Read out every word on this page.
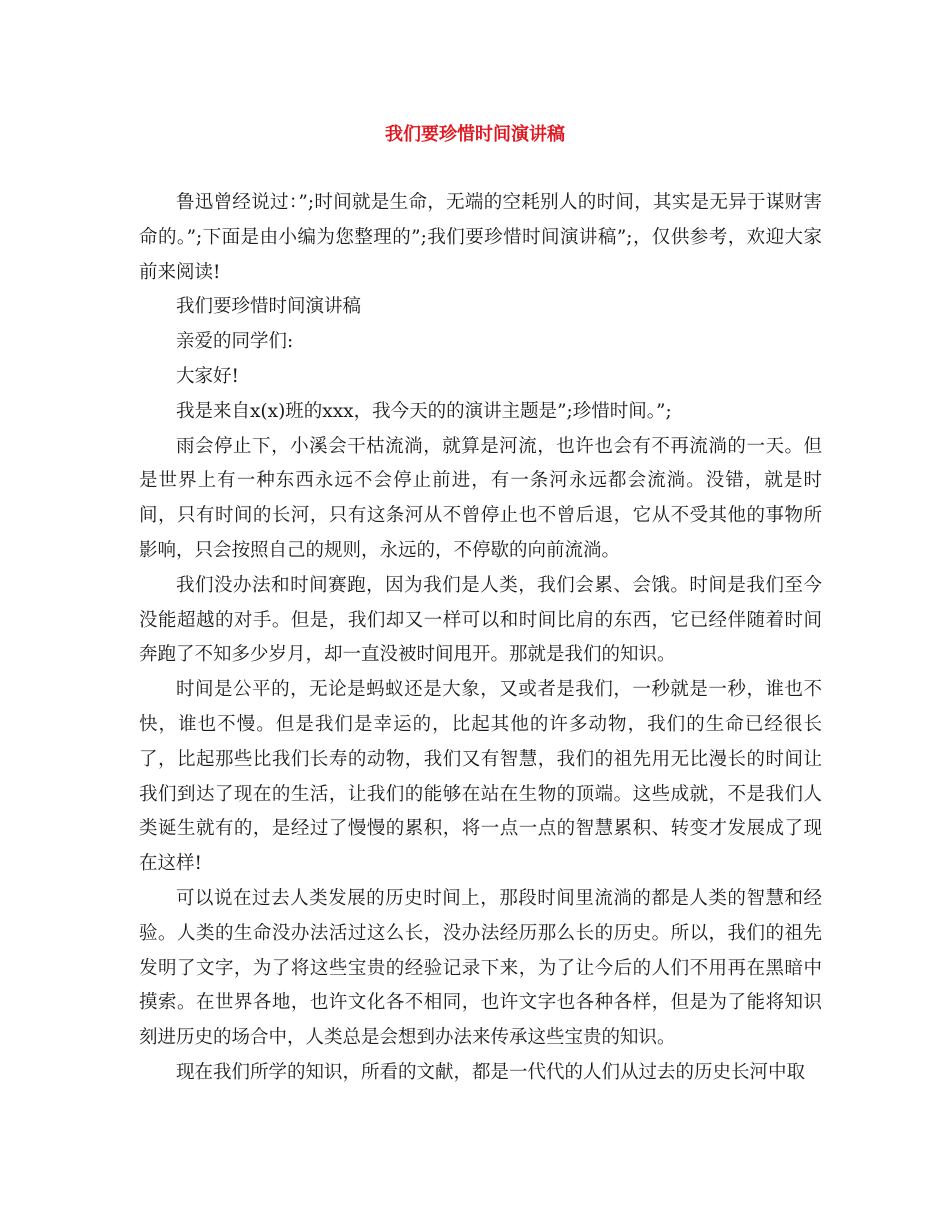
我们要珍惜时间演讲稿

鲁迅曾经说过：”;时间就是生命，无端的空耗别人的时间，其实是无异于谋财害命的。”;下面是由小编为您整理的”;我们要珍惜时间演讲稿”;，仅供参考，欢迎大家前来阅读!

我们要珍惜时间演讲稿

亲爱的同学们:

大家好!

我是来自x(x)班的xxx，我今天的的演讲主题是”;珍惜时间。”;

雨会停止下，小溪会干枯流淌，就算是河流，也许也会有不再流淌的一天。但是世界上有一种东西永远不会停止前进，有一条河永远都会流淌。没错，就是时间，只有时间的长河，只有这条河从不曾停止也不曾后退，它从不受其他的事物所影响，只会按照自己的规则，永远的，不停歇的向前流淌。

我们没办法和时间赛跑，因为我们是人类，我们会累、会饿。时间是我们至今没能超越的对手。但是，我们却又一样可以和时间比肩的东西，它已经伴随着时间奔跑了不知多少岁月，却一直没被时间甩开。那就是我们的知识。

时间是公平的，无论是蚂蚁还是大象，又或者是我们，一秒就是一秒，谁也不快，谁也不慢。但是我们是幸运的，比起其他的许多动物，我们的生命已经很长了，比起那些比我们长寿的动物，我们又有智慧，我们的祖先用无比漫长的时间让我们到达了现在的生活，让我们的能够在站在生物的顶端。这些成就，不是我们人类诞生就有的，是经过了慢慢的累积，将一点一点的智慧累积、转变才发展成了现在这样!

可以说在过去人类发展的历史时间上，那段时间里流淌的都是人类的智慧和经验。人类的生命没办法活过这么长，没办法经历那么长的历史。所以，我们的祖先发明了文字，为了将这些宝贵的经验记录下来，为了让今后的人们不用再在黑暗中摸索。在世界各地，也许文化各不相同，也许文字也各种各样，但是为了能将知识刻进历史的场合中，人类总是会想到办法来传承这些宝贵的知识。

现在我们所学的知识，所看的文献，都是一代代的人们从过去的历史长河中取
